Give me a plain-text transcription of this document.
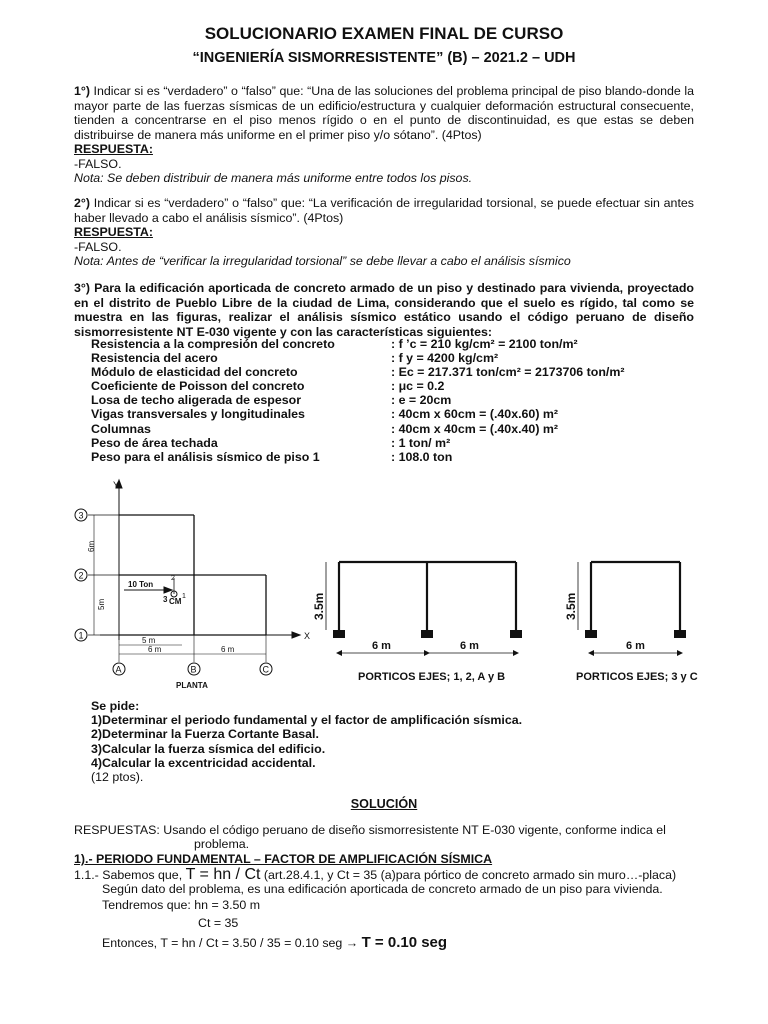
SOLUCIONARIO EXAMEN FINAL DE CURSO
“INGENIERÍA SISMORRESISTENTE” (B) – 2021.2 – UDH
1°) Indicar si es “verdadero” o “falso” que: “Una de las soluciones del problema principal de piso blando-donde la mayor parte de las fuerzas sísmicas de un edificio/estructura y cualquier deformación estructural consecuente, tienden a concentrarse en el piso menos rígido o en el punto de discontinuidad, es que estas se deben distribuirse de manera más uniforme en el primer piso y/o sótano”. (4Ptos)
RESPUESTA:
-FALSO.
Nota: Se deben distribuir de manera más uniforme entre todos los pisos.
2°) Indicar si es “verdadero” o “falso” que: “La verificación de irregularidad torsional, se puede efectuar sin antes haber llevado a cabo el análisis sísmico”. (4Ptos)
RESPUESTA:
-FALSO.
Nota: Antes de “verificar la irregularidad torsional” se debe llevar a cabo el análisis sísmico
3°) Para la edificación aporticada de concreto armado de un piso y destinado para vivienda, proyectado en el distrito de Pueblo Libre de la ciudad de Lima, considerando que el suelo es rígido, tal como se muestra en las figuras, realizar el análisis sísmico estático usando el código peruano de diseño sismorresistente NT E-030 vigente y con las características siguientes:
Resistencia a la compresión del concreto	: f ’c = 210 kg/cm² = 2100 ton/m²
Resistencia del acero	: f y = 4200 kg/cm²
Módulo de elasticidad del concreto	: Ec = 217.371 ton/cm² = 2173706 ton/m²
Coeficiente de Poisson del concreto	: μc = 0.2
Losa de techo aligerada de espesor	: e = 20cm
Vigas transversales y longitudinales	: 40cm x 60cm = (.40x.60) m²
Columnas	: 40cm x 40cm = (.40x.40) m²
Peso de área techada	: 1 ton/ m²
Peso para el análisis sísmico de piso 1	: 108.0 ton
Y
X
3
2
1
6m
5m
5 m
6 m	6 m
A	B	C
10 Ton
2
3 CM
1
PLANTA
3.5m
6 m	6 m
PORTICOS EJES; 1, 2, A y B
3.5m
6 m
PORTICOS EJES; 3 y C
Se pide:
1)Determinar el periodo fundamental y el factor de amplificación sísmica.
2)Determinar la Fuerza Cortante Basal.
3)Calcular la fuerza sísmica del edificio.
4)Calcular la excentricidad accidental.
(12 ptos).
SOLUCIÓN
RESPUESTAS: Usando el código peruano de diseño sismorresistente NT E-030 vigente, conforme indica el
problema.
1).- PERIODO FUNDAMENTAL – FACTOR DE AMPLIFICACIÓN SÍSMICA
1.1.- Sabemos que, T = hn / Ct (art.28.4.1, y Ct = 35 (a)para pórtico de concreto armado sin muro…-placa)
Según dato del problema, es una edificación aporticada de concreto armado de un piso para vivienda.
Tendremos que: hn = 3.50 m
Ct = 35
Entonces, T = hn / Ct = 3.50 / 35 = 0.10 seg → T = 0.10 seg
